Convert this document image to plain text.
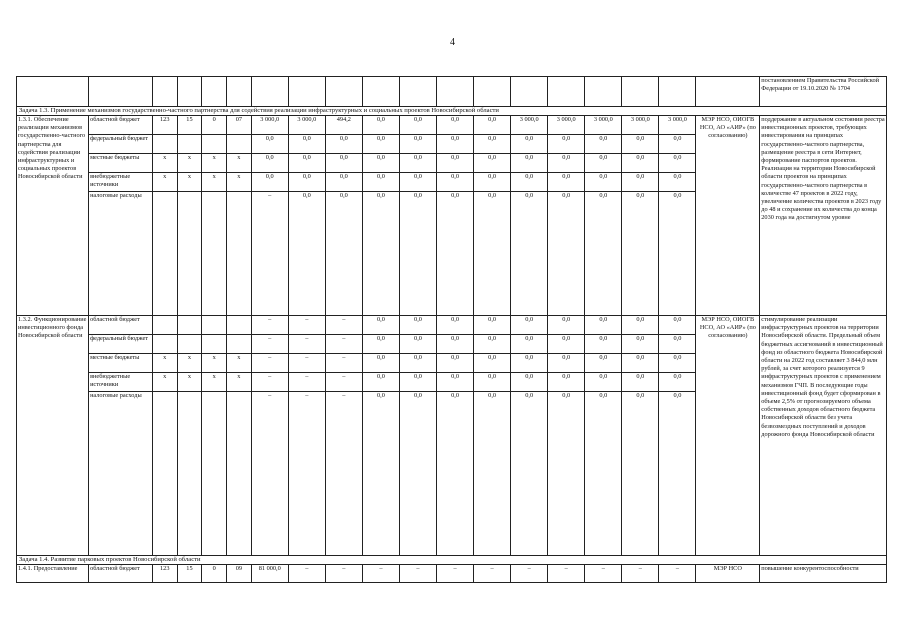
4
																			постановлением Правительства Российской Федерации от 19.10.2020 № 1704
Задача 1.3. Применение механизмов государственно-частного партнерства для содействия реализации инфраструктурных и социальных проектов Новосибирской области																			
1.3.1. Обеспечение реализации механизмов государственно-частного партнерства для содействия реализации инфраструктурных и социальных проектов Новосибирской области	областной бюджет	123	15	0	07	3 000,0	3 000,0	494,2	0,0	0,0	0,0	0,0	3 000,0	3 000,0	3 000,0	3 000,0	3 000,0	МЭР НСО, ОИОГВ НСО, АО «АИР» (по согласованию)	поддержание в актуальном состоянии реестра инвестиционных проектов, требующих инвестирования на принципах государственно-частного партнерства, размещение реестра в сети Интернет, формирование паспортов проектов. Реализация на территории Новосибирской области проектов на принципах государственно-частного партнерства в количестве 47 проектов в 2022 году, увеличение количества проектов в 2023 году до 48 и сохранение их количества до конца 2030 года на достигнутом уровне
	федеральный бюджет					0,0	0,0	0,0	0,0	0,0	0,0	0,0	0,0	0,0	0,0	0,0	0,0		
	местные бюджеты	x	x	x	x	0,0	0,0	0,0	0,0	0,0	0,0	0,0	0,0	0,0	0,0	0,0	0,0		
	внебюджетные источники	x	x	x	x	0,0	0,0	0,0	0,0	0,0	0,0	0,0	0,0	0,0	0,0	0,0	0,0		
	налоговые расходы					–	0,0	0,0	0,0	0,0	0,0	0,0	0,0	0,0	0,0	0,0	0,0		
1.3.2. Функционирование инвестиционного фонда Новосибирской области	областной бюджет					–	–	–	0,0	0,0	0,0	0,0	0,0	0,0	0,0	0,0	0,0	МЭР НСО, ОИОГВ НСО, АО «АИР» (по согласованию)	стимулирование реализации инфраструктурных проектов на территории Новосибирской области. Предельный объем бюджетных ассигнований в инвестиционный фонд из областного бюджета Новосибирской области на 2022 год составляет 3 844,0 млн рублей, за счет которого реализуется 9 инфраструктурных проектов с применением механизмов ГЧП. В последующие годы инвестиционный фонд будет сформирован в объеме 2,5% от прогнозируемого объема собственных доходов областного бюджета Новосибирской области без учета безвозмездных поступлений и доходов дорожного фонда Новосибирской области
	федеральный бюджет					–	–	–	0,0	0,0	0,0	0,0	0,0	0,0	0,0	0,0	0,0		
	местные бюджеты	x	x	x	x	–	–	–	0,0	0,0	0,0	0,0	0,0	0,0	0,0	0,0	0,0		
	внебюджетные источники	x	x	x	x	–	–	–	0,0	0,0	0,0	0,0	0,0	0,0	0,0	0,0	0,0		
	налоговые расходы					–	–	–	0,0	0,0	0,0	0,0	0,0	0,0	0,0	0,0	0,0		
Задача 1.4. Развитие парковых проектов Новосибирской области																			
1.4.1. Предоставление	областной бюджет	123	15	0	09	81 000,0	–	–	–	–	–	–	–	–	–	–	–	МЭР НСО	повышение конкурентоспособности
